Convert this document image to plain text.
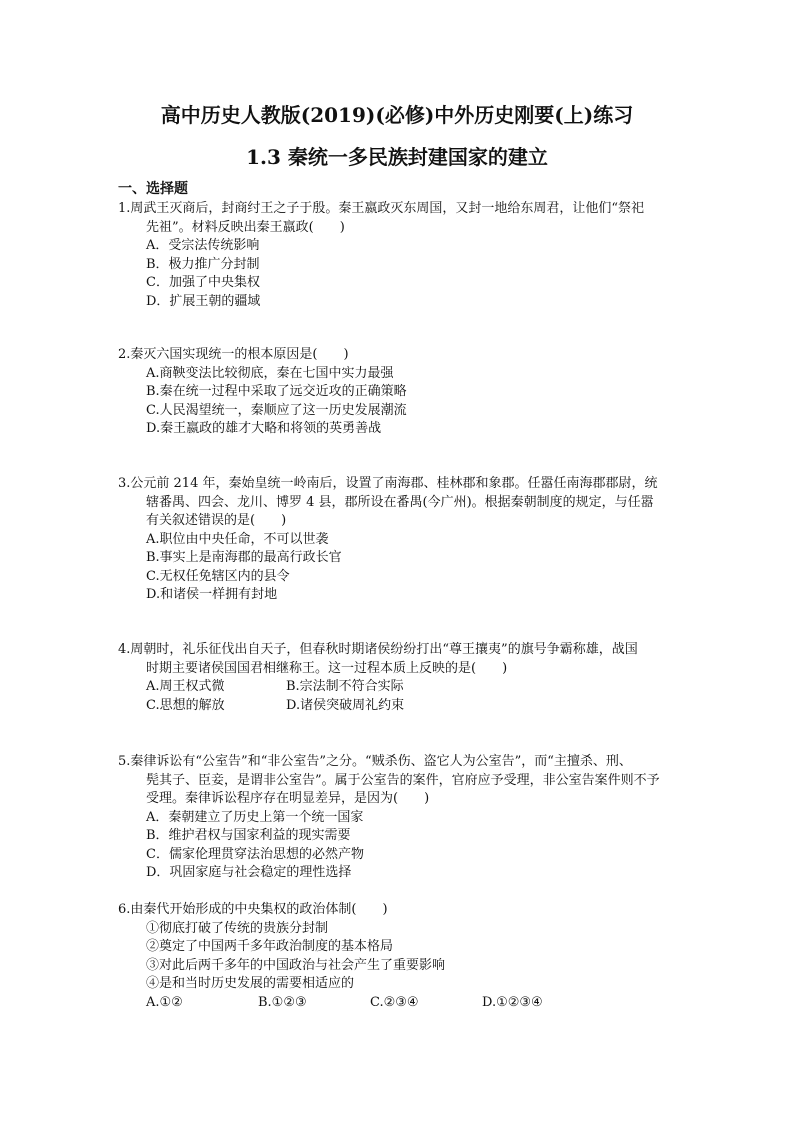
高中历史人教版(2019)(必修)中外历史刚要(上)练习
1.3 秦统一多民族封建国家的建立
一、选择题
1.周武王灭商后，封商纣王之子于殷。秦王嬴政灭东周国，又封一地给东周君，让他们“祭祀
先祖”。材料反映出秦王嬴政(　　)
A．受宗法传统影响
B．极力推广分封制
C．加强了中央集权
D．扩展王朝的疆域
2.秦灭六国实现统一的根本原因是(　　)
A.商鞅变法比较彻底，秦在七国中实力最强
B.秦在统一过程中采取了远交近攻的正确策略
C.人民渴望统一，秦顺应了这一历史发展潮流
D.秦王嬴政的雄才大略和将领的英勇善战
3.公元前 214 年，秦始皇统一岭南后，设置了南海郡、桂林郡和象郡。任嚣任南海郡郡尉，统
辖番禺、四会、龙川、博罗 4 县，郡所设在番禺(今广州)。根据秦朝制度的规定，与任嚣
有关叙述错误的是(　　)
A.职位由中央任命，不可以世袭
B.事实上是南海郡的最高行政长官
C.无权任免辖区内的县令
D.和诸侯一样拥有封地
4.周朝时，礼乐征伐出自天子，但春秋时期诸侯纷纷打出“尊王攘夷”的旗号争霸称雄，战国
时期主要诸侯国国君相继称王。这一过程本质上反映的是(　　)
A.周王权式微	B.宗法制不符合实际
C.思想的解放	D.诸侯突破周礼约束
5.秦律诉讼有“公室告”和“非公室告”之分。“贼杀伤、盗它人为公室告”，而“主擅杀、刑、
髡其子、臣妾，是谓非公室告”。属于公室告的案件，官府应予受理，非公室告案件则不予
受理。秦律诉讼程序存在明显差异，是因为(　　)
A．秦朝建立了历史上第一个统一国家
B．维护君权与国家利益的现实需要
C．儒家伦理贯穿法治思想的必然产物
D．巩固家庭与社会稳定的理性选择
6.由秦代开始形成的中央集权的政治体制(　　)
①彻底打破了传统的贵族分封制
②奠定了中国两千多年政治制度的基本格局
③对此后两千多年的中国政治与社会产生了重要影响
④是和当时历史发展的需要相适应的
A.①②	B.①②③	C.②③④	D.①②③④
